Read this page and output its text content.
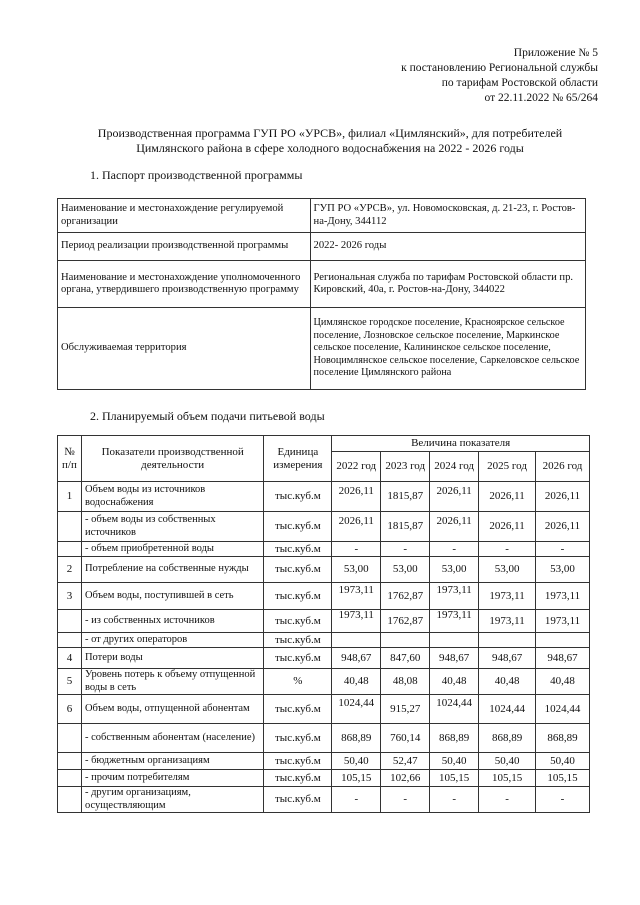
Приложение № 5
к постановлению Региональной службы
по тарифам Ростовской области
от 22.11.2022 № 65/264
Производственная программа ГУП РО «УРСВ», филиал «Цимлянский», для потребителей
Цимлянского района в сфере холодного водоснабжения на 2022 - 2026 годы
1. Паспорт производственной программы
Наименование и местонахождение регулируемой организации	ГУП РО «УРСВ», ул. Новомосковская, д. 21-23, г. Ростов-на-Дону, 344112
Период реализации производственной программы	2022- 2026 годы
Наименование и местонахождение уполномоченного органа, утвердившего производственную программу	Региональная служба по тарифам Ростовской области пр. Кировский, 40а, г. Ростов-на-Дону, 344022
Обслуживаемая территория	Цимлянское городское поселение, Красноярское сельское поселение, Лозновское сельское поселение, Маркинское сельское поселение, Калининское сельское поселение, Новоцимлянское сельское поселение, Саркеловское сельское поселение Цимлянского района
2. Планируемый объем подачи питьевой воды
№ п/п	Показатели производственной деятельности	Единица измерения	Величина показателя				
			2022 год	2023 год	2024 год	2025 год	2026 год
1	Объем воды из источников водоснабжения	тыс.куб.м	2026,11	1815,87	2026,11	2026,11	2026,11

	- объем воды из собственных источников	тыс.куб.м	2026,11	1815,87	2026,11	2026,11	2026,11

	- объем приобретенной воды	тыс.куб.м	-	-	-	-	-

2	Потребление на собственные нужды	тыс.куб.м	53,00	53,00	53,00	53,00	53,00

3	Объем воды, поступившей в сеть	тыс.куб.м	1973,11	1762,87	1973,11	1973,11	1973,11

	- из собственных источников	тыс.куб.м	1973,11	1762,87	1973,11	1973,11	1973,11

	- от других операторов	тыс.куб.м	

4	Потери воды	тыс.куб.м	948,67	847,60	948,67	948,67	948,67

5	Уровень потерь к объему отпущенной воды в сеть	%	40,48	48,08	40,48	40,48	40,48

6	Объем воды, отпущенной абонентам	тыс.куб.м	1024,44	915,27	1024,44	1024,44	1024,44

	- собственным абонентам (население)	тыс.куб.м	868,89	760,14	868,89	868,89	868,89

	- бюджетным организациям	тыс.куб.м	50,40	52,47	50,40	50,40	50,40

	- прочим потребителям	тыс.куб.м	105,15	102,66	105,15	105,15	105,15

	- другим организациям, осуществляющим	тыс.куб.м	-	-	-	-	-
